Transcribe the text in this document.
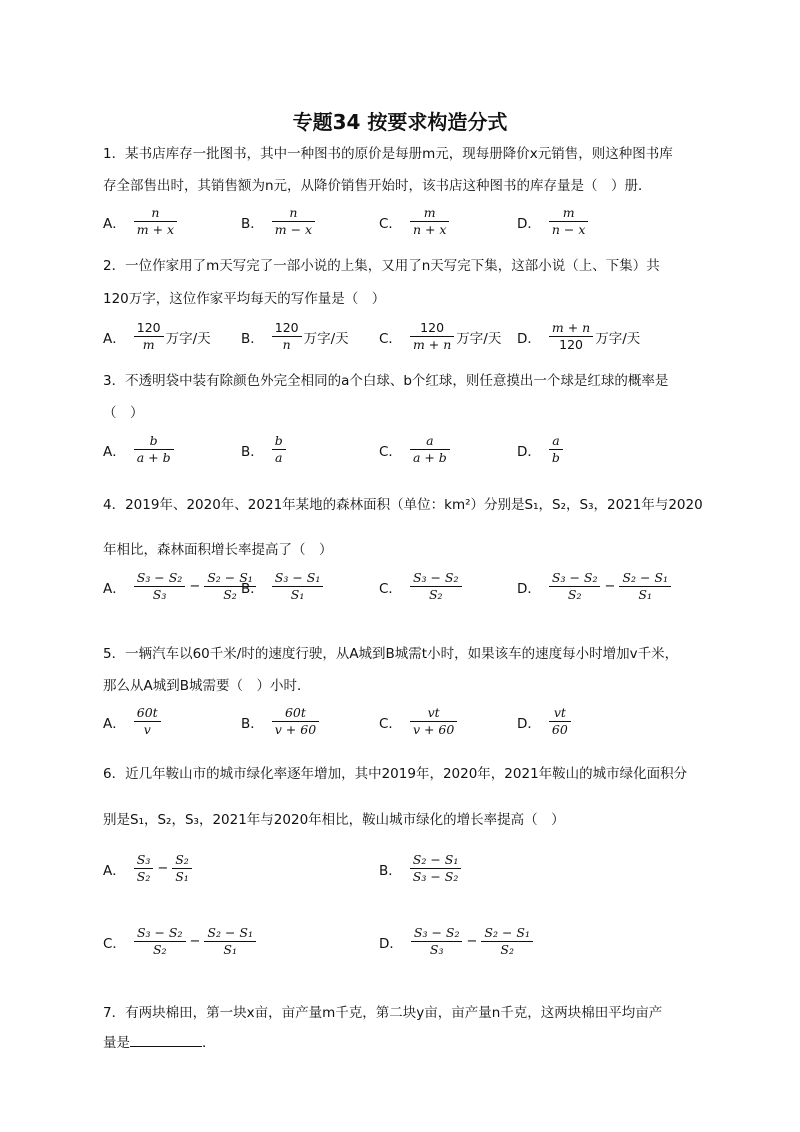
专题34 按要求构造分式
1．某书店库存一批图书，其中一种图书的原价是每册m元，现每册降价x元销售，则这种图书库
存全部售出时，其销售额为n元，从降价销售开始时，该书店这种图书的库存量是（　）册．
A． $\frac{n}{m + x}$	B． $\frac{n}{m - x}$	C． $\frac{m}{n + x}$	D． $\frac{m}{n - x}$
2．一位作家用了m天写完了一部小说的上集，又用了n天写完下集，这部小说（上、下集）共
120万字，这位作家平均每天的写作量是（　）
A． $\frac{120}{m}$ 万字/天 B． $\frac{120}{n}$ 万字/天 C． $\frac{120}{m + n}$ 万字/天 D． $\frac{m + n}{120}$ 万字/天
3．不透明袋中装有除颜色外完全相同的a个白球、b个红球，则任意摸出一个球是红球的概率是
（　）
A． $\frac{b}{a + b}$	B． $\frac{b}{a}$	C． $\frac{a}{a + b}$	D． $\frac{a}{b}$
4．2019年、2020年、2021年某地的森林面积（单位：km²）分别是S₁，S₂，S₃，2021年与2020
年相比，森林面积增长率提高了（　）
A． $\frac{\text{S₃ − S₂}}{\text{S₃}} - \frac{\text{S₂ − S₁}}{\text{S₂}}$
B． $\frac{\text{S₃ − S₁}}{\text{S₁}}$	C． $\frac{\text{S₃ − S₂}}{\text{S₂}}$	D． $\frac{\text{S₃ − S₂}}{\text{S₂}} - \frac{\text{S₂ − S₁}}{\text{S₁}}$
5．一辆汽车以60千米/时的速度行驶，从A城到B城需t小时，如果该车的速度每小时增加v千米，
那么从A城到B城需要（　）小时．
A． $\frac{60t}{v}$	B． $\frac{60t}{v + 60}$	C． $\frac{vt}{v + 60}$	D． $\frac{vt}{60}$
6．近几年鞍山市的城市绿化率逐年增加，其中2019年，2020年，2021年鞍山的城市绿化面积分
别是S₁，S₂，S₃，2021年与2020年相比，鞍山城市绿化的增长率提高（　）
A． $\frac{\text{S₃}}{\text{S₂}} - \frac{\text{S₂}}{\text{S₁}}$	B． $\frac{\text{S₂ − S₁}}{\text{S₃ − S₂}}$
C． $\frac{\text{S₃ − S₂}}{\text{S₂}} - \frac{\text{S₂ − S₁}}{\text{S₁}}$	D． $\frac{\text{S₃ − S₂}}{\text{S₃}} - \frac{\text{S₂ − S₁}}{\text{S₂}}$
7．有两块棉田，第一块x亩，亩产量m千克，第二块y亩，亩产量n千克，这两块棉田平均亩产
量是	．
